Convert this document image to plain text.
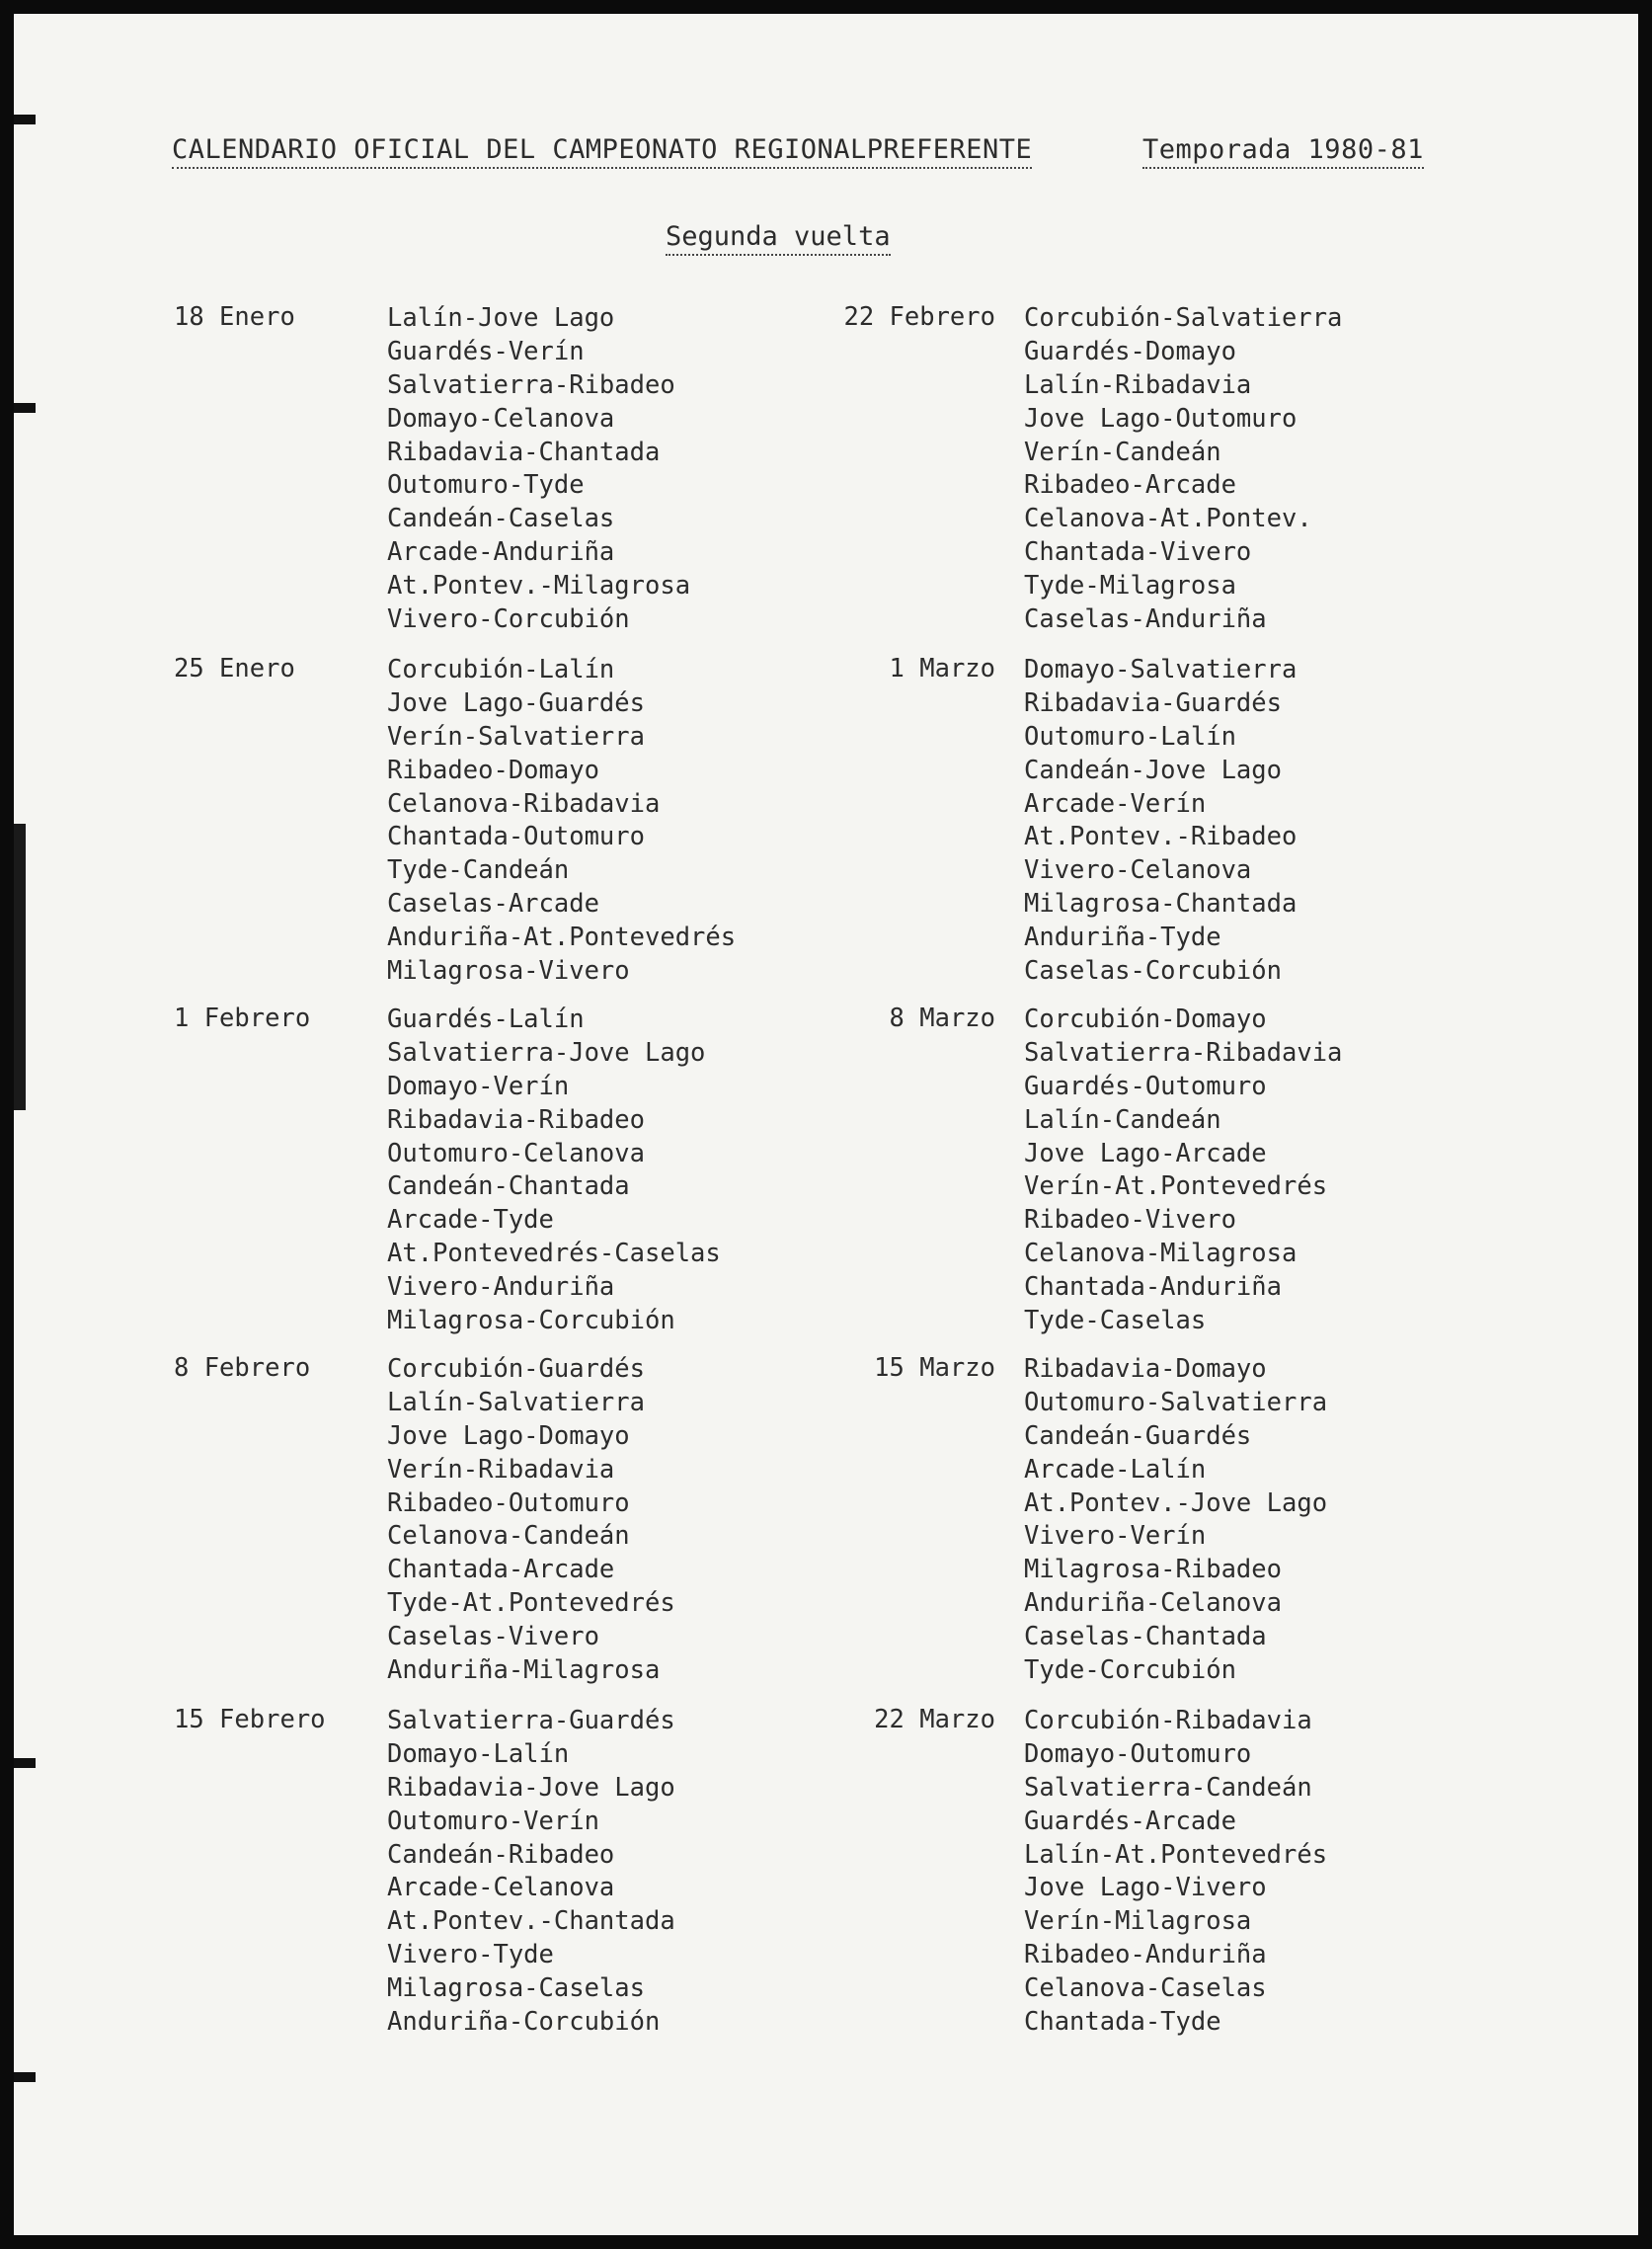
CALENDARIO OFICIAL DEL CAMPEONATO REGIONALPREFERENTE	Temporada 1980-81
Segunda vuelta
18 Enero	Lalín-Jove Lago
Guardés-Verín
Salvatierra-Ribadeo
Domayo-Celanova
Ribadavia-Chantada
Outomuro-Tyde
Candeán-Caselas
Arcade-Anduriña
At.Pontev.-Milagrosa
Vivero-Corcubión
25 Enero	Corcubión-Lalín
Jove Lago-Guardés
Verín-Salvatierra
Ribadeo-Domayo
Celanova-Ribadavia
Chantada-Outomuro
Tyde-Candeán
Caselas-Arcade
Anduriña-At.Pontevedrés
Milagrosa-Vivero
1 Febrero	Guardés-Lalín
Salvatierra-Jove Lago
Domayo-Verín
Ribadavia-Ribadeo
Outomuro-Celanova
Candeán-Chantada
Arcade-Tyde
At.Pontevedrés-Caselas
Vivero-Anduriña
Milagrosa-Corcubión
8 Febrero	Corcubión-Guardés
Lalín-Salvatierra
Jove Lago-Domayo
Verín-Ribadavia
Ribadeo-Outomuro
Celanova-Candeán
Chantada-Arcade
Tyde-At.Pontevedrés
Caselas-Vivero
Anduriña-Milagrosa
15 Febrero Salvatierra-Guardés
Domayo-Lalín
Ribadavia-Jove Lago
Outomuro-Verín
Candeán-Ribadeo
Arcade-Celanova
At.Pontev.-Chantada
Vivero-Tyde
Milagrosa-Caselas
Anduriña-Corcubión
22 Febrero Corcubión-Salvatierra
Guardés-Domayo
Lalín-Ribadavia
Jove Lago-Outomuro
Verín-Candeán
Ribadeo-Arcade
Celanova-At.Pontev.
Chantada-Vivero
Tyde-Milagrosa
Caselas-Anduriña
1 Marzo Domayo-Salvatierra
Ribadavia-Guardés
Outomuro-Lalín
Candeán-Jove Lago
Arcade-Verín
At.Pontev.-Ribadeo
Vivero-Celanova
Milagrosa-Chantada
Anduriña-Tyde
Caselas-Corcubión
8 Marzo Corcubión-Domayo
Salvatierra-Ribadavia
Guardés-Outomuro
Lalín-Candeán
Jove Lago-Arcade
Verín-At.Pontevedrés
Ribadeo-Vivero
Celanova-Milagrosa
Chantada-Anduriña
Tyde-Caselas
15 Marzo Ribadavia-Domayo
Outomuro-Salvatierra
Candeán-Guardés
Arcade-Lalín
At.Pontev.-Jove Lago
Vivero-Verín
Milagrosa-Ribadeo
Anduriña-Celanova
Caselas-Chantada
Tyde-Corcubión
22 Marzo Corcubión-Ribadavia
Domayo-Outomuro
Salvatierra-Candeán
Guardés-Arcade
Lalín-At.Pontevedrés
Jove Lago-Vivero
Verín-Milagrosa
Ribadeo-Anduriña
Celanova-Caselas
Chantada-Tyde
